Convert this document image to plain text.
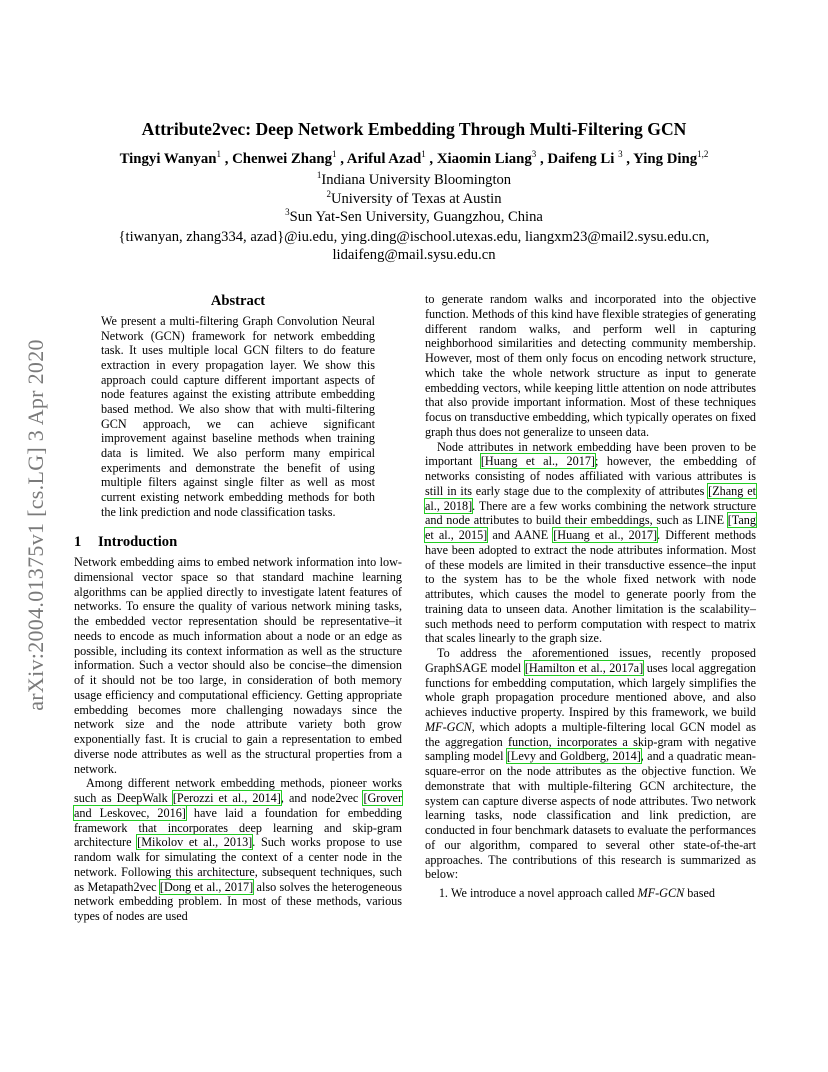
arXiv:2004.01375v1 [cs.LG] 3 Apr 2020
Attribute2vec: Deep Network Embedding Through Multi-Filtering GCN
Tingyi Wanyan$^1$ , Chenwei Zhang$^1$ , Ariful Azad$^1$ , Xiaomin Liang$^3$ , Daifeng Li $^3$ , Ying Ding$^{1,2}$
$^1$Indiana University Bloomington
$^2$University of Texas at Austin
$^3$Sun Yat-Sen University, Guangzhou, China
{tiwanyan, zhang334, azad}@iu.edu, ying.ding@ischool.utexas.edu, liangxm23@mail2.sysu.edu.cn,
lidaifeng@mail.sysu.edu.cn
Abstract

We present a multi-filtering Graph Convolution Neural Network (GCN) framework for network embedding task. It uses multiple local GCN filters to do feature extraction in every propagation layer. We show this approach could capture different important aspects of node features against the existing attribute embedding based method. We also show that with multi-filtering GCN approach, we can achieve significant improvement against baseline methods when training data is limited. We also perform many empirical experiments and demonstrate the benefit of using multiple filters against single filter as well as most current existing network embedding methods for both the link prediction and node classification tasks.

1 Introduction

Network embedding aims to embed network information into low-dimensional vector space so that standard machine learning algorithms can be applied directly to investigate latent features of networks. To ensure the quality of various network mining tasks, the embedded vector representation should be representative–it needs to encode as much information about a node or an edge as possible, including its context information as well as the structure information. Such a vector should also be concise–the dimension of it should not be too large, in consideration of both memory usage efficiency and computational efficiency. Getting appropriate embedding becomes more challenging nowadays since the network size and the node attribute variety both grow exponentially fast. It is crucial to gain a representation to embed diverse node attributes as well as the structural properties from a network.

Among different network embedding methods, pioneer works such as DeepWalk [Perozzi et al., 2014], and node2vec [Grover and Leskovec, 2016] have laid a foundation for embedding framework that incorporates deep learning and skip-gram architecture [Mikolov et al., 2013]. Such works propose to use random walk for simulating the context of a center node in the network. Following this architecture, subsequent techniques, such as Metapath2vec [Dong et al., 2017] also solves the heterogeneous network embedding problem. In most of these methods, various types of nodes are used

to generate random walks and incorporated into the objective function. Methods of this kind have flexible strategies of generating different random walks, and perform well in capturing neighborhood similarities and detecting community membership. However, most of them only focus on encoding network structure, which take the whole network structure as input to generate embedding vectors, while keeping little attention on node attributes that also provide important information. Most of these techniques focus on transductive embedding, which typically operates on fixed graph thus does not generalize to unseen data.

Node attributes in network embedding have been proven to be important [Huang et al., 2017]; however, the embedding of networks consisting of nodes affiliated with various attributes is still in its early stage due to the complexity of attributes [Zhang et al., 2018]. There are a few works combining the network structure and node attributes to build their embeddings, such as LINE [Tang et al., 2015] and AANE [Huang et al., 2017]. Different methods have been adopted to extract the node attributes information. Most of these models are limited in their transductive essence–the input to the system has to be the whole fixed network with node attributes, which causes the model to generate poorly from the training data to unseen data. Another limitation is the scalability–such methods need to perform computation with respect to matrix that scales linearly to the graph size.

To address the aforementioned issues, recently proposed GraphSAGE model [Hamilton et al., 2017a] uses local aggregation functions for embedding computation, which largely simplifies the whole graph propagation procedure mentioned above, and also achieves inductive property. Inspired by this framework, we build MF-GCN, which adopts a multiple-filtering local GCN model as the aggregation function, incorporates a skip-gram with negative sampling model [Levy and Goldberg, 2014], and a quadratic mean-square-error on the node attributes as the objective function. We demonstrate that with multiple-filtering GCN architecture, the system can capture diverse aspects of node attributes. Two network learning tasks, node classification and link prediction, are conducted in four benchmark datasets to evaluate the performances of our algorithm, compared to several other state-of-the-art approaches. The contributions of this research is summarized as below:

1. We introduce a novel approach called MF-GCN based
